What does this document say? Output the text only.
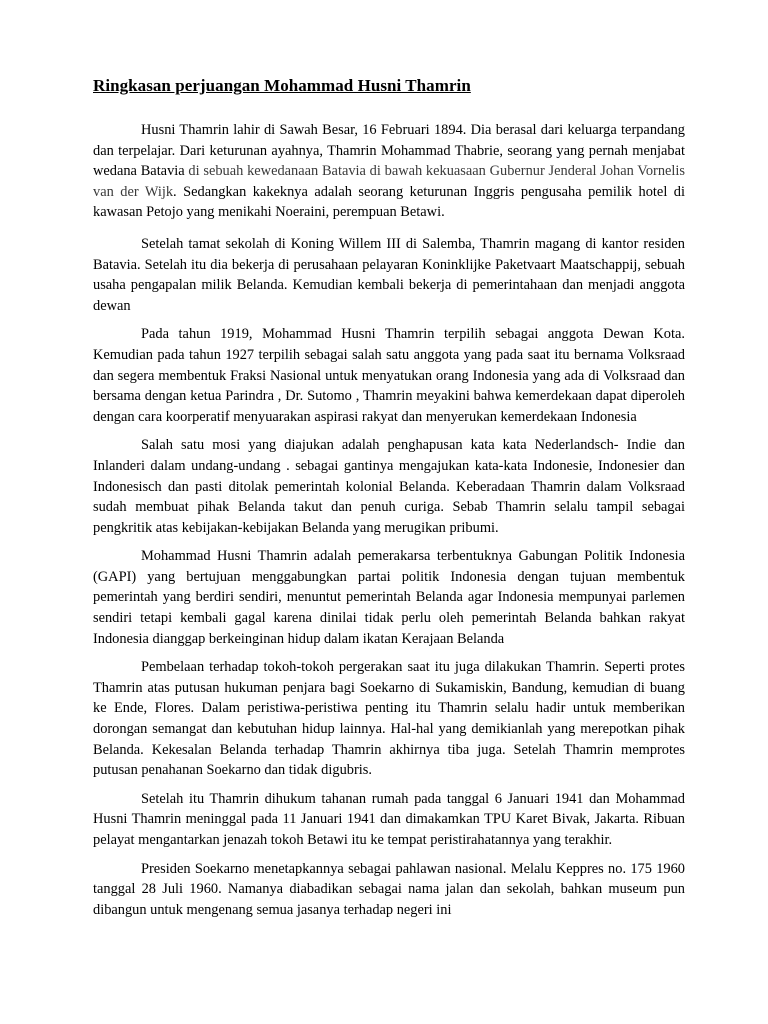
Ringkasan perjuangan Mohammad Husni Thamrin

Husni Thamrin lahir di Sawah Besar, 16 Februari 1894. Dia berasal dari keluarga terpandang dan terpelajar. Dari keturunan ayahnya, Thamrin Mohammad Thabrie, seorang yang pernah menjabat wedana Batavia di sebuah kewedanaan Batavia di bawah kekuasaan Gubernur Jenderal Johan Vornelis van der Wijk. Sedangkan kakeknya adalah seorang keturunan Inggris pengusaha pemilik hotel di kawasan Petojo yang menikahi Noeraini, perempuan Betawi.

Setelah tamat sekolah di Koning Willem III di Salemba, Thamrin magang di kantor residen Batavia. Setelah itu dia bekerja di perusahaan pelayaran Koninklijke Paketvaart Maatschappij, sebuah usaha pengapalan milik Belanda. Kemudian kembali bekerja di pemerintahaan dan menjadi anggota dewan

Pada tahun 1919, Mohammad Husni Thamrin terpilih sebagai anggota Dewan Kota. Kemudian pada tahun 1927 terpilih sebagai salah satu anggota yang pada saat itu bernama Volksraad dan segera membentuk Fraksi Nasional untuk menyatukan orang Indonesia yang ada di Volksraad dan bersama dengan ketua Parindra , Dr. Sutomo , Thamrin meyakini bahwa kemerdekaan dapat diperoleh dengan cara koorperatif menyuarakan aspirasi rakyat dan menyerukan kemerdekaan Indonesia

Salah satu mosi yang diajukan adalah penghapusan kata kata Nederlandsch- Indie dan Inlanderi dalam undang-undang . sebagai gantinya mengajukan kata-kata Indonesie, Indonesier dan Indonesisch dan pasti ditolak pemerintah kolonial Belanda. Keberadaan Thamrin dalam Volksraad sudah membuat pihak Belanda takut dan penuh curiga. Sebab Thamrin selalu tampil sebagai pengkritik atas kebijakan-kebijakan Belanda yang merugikan pribumi.

Mohammad Husni Thamrin adalah pemerakarsa terbentuknya Gabungan Politik Indonesia (GAPI) yang bertujuan menggabungkan partai politik Indonesia dengan tujuan membentuk pemerintah yang berdiri sendiri, menuntut pemerintah Belanda agar Indonesia mempunyai parlemen sendiri tetapi kembali gagal karena dinilai tidak perlu oleh pemerintah Belanda bahkan rakyat Indonesia dianggap berkeinginan hidup dalam ikatan Kerajaan Belanda

Pembelaan terhadap tokoh-tokoh pergerakan saat itu juga dilakukan Thamrin. Seperti protes Thamrin atas putusan hukuman penjara bagi Soekarno di Sukamiskin, Bandung, kemudian di buang ke Ende, Flores. Dalam peristiwa-peristiwa penting itu Thamrin selalu hadir untuk memberikan dorongan semangat dan kebutuhan hidup lainnya. Hal-hal yang demikianlah yang merepotkan pihak Belanda. Kekesalan Belanda terhadap Thamrin akhirnya tiba juga. Setelah Thamrin memprotes putusan penahanan Soekarno dan tidak digubris.

Setelah itu Thamrin dihukum tahanan rumah pada tanggal 6 Januari 1941 dan Mohammad Husni Thamrin meninggal pada 11 Januari 1941 dan dimakamkan TPU Karet Bivak, Jakarta. Ribuan pelayat mengantarkan jenazah tokoh Betawi itu ke tempat peristirahatannya yang terakhir.

Presiden Soekarno menetapkannya sebagai pahlawan nasional. Melalu Keppres no. 175 1960 tanggal 28 Juli 1960. Namanya diabadikan sebagai nama jalan dan sekolah, bahkan museum pun dibangun untuk mengenang semua jasanya terhadap negeri ini
